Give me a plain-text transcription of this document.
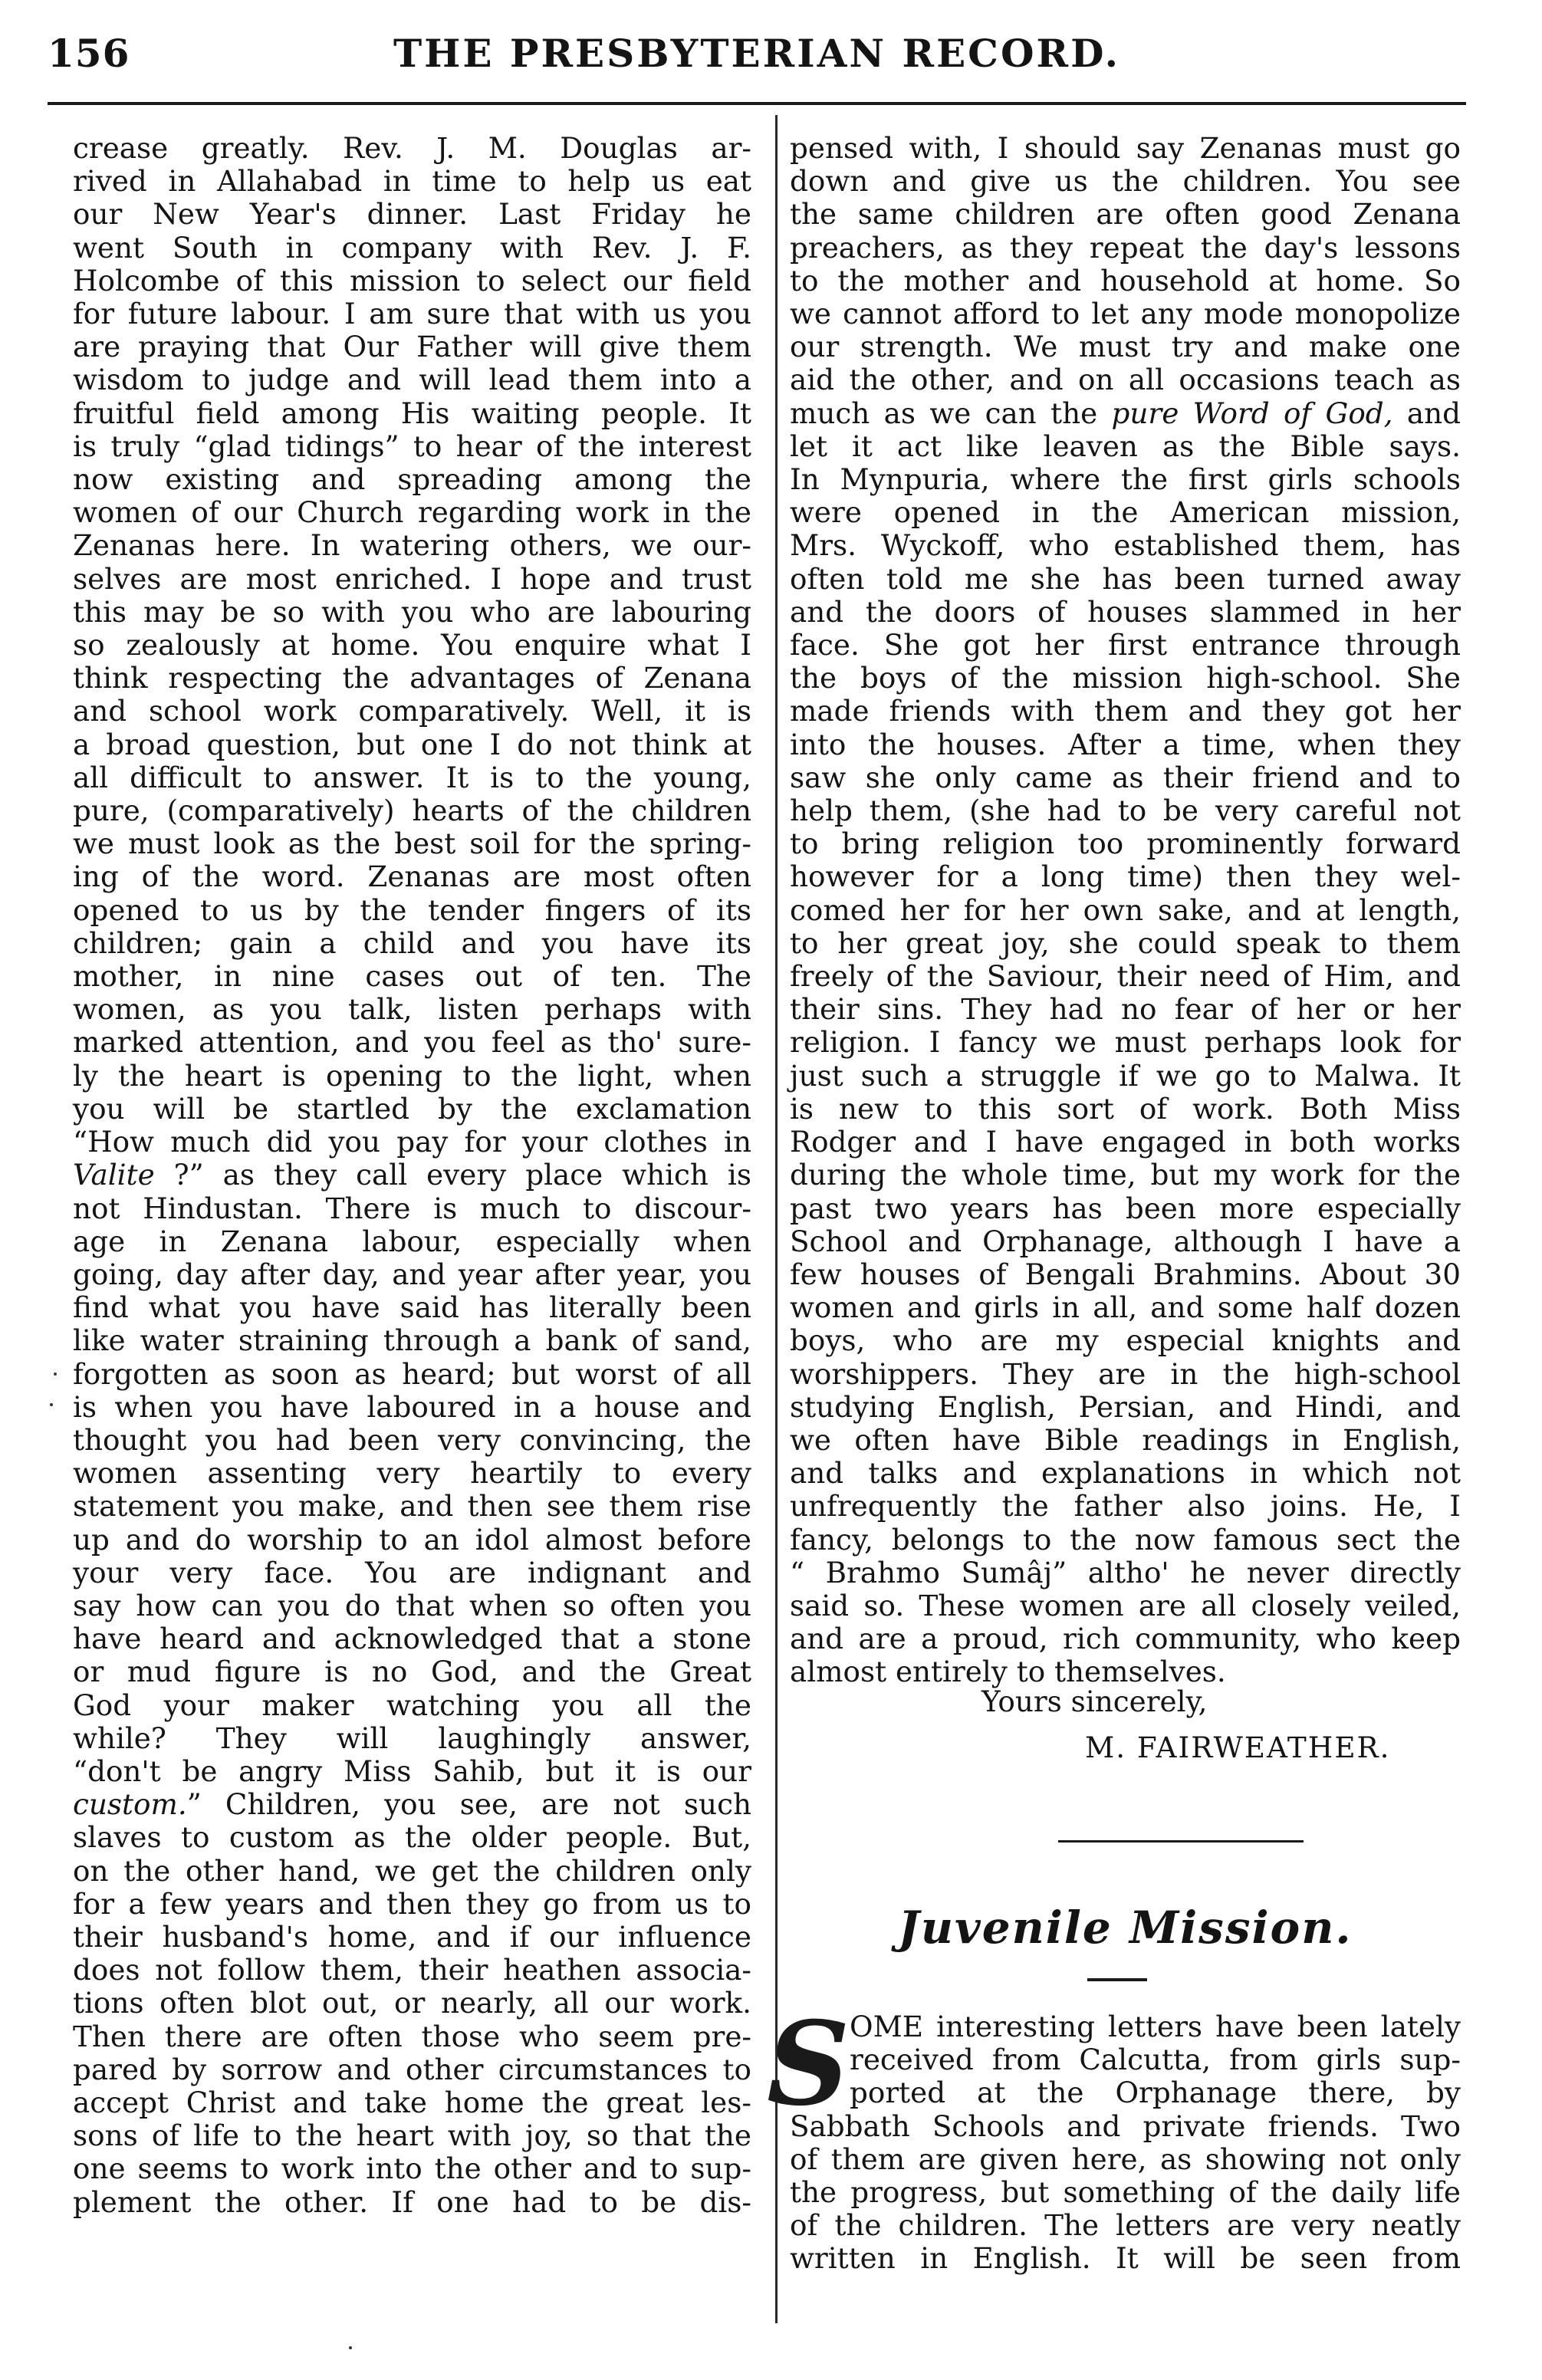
156	THE PRESBYTERIAN RECORD.
crease greatly. Rev. J. M. Douglas ar-
rived in Allahabad in time to help us eat
our New Year's dinner. Last Friday he
went South in company with Rev. J. F.
Holcombe of this mission to select our field
for future labour. I am sure that with us you
are praying that Our Father will give them
wisdom to judge and will lead them into a
fruitful field among His waiting people. It
is truly “glad tidings” to hear of the interest
now existing and spreading among the
women of our Church regarding work in the
Zenanas here. In watering others, we our-
selves are most enriched. I hope and trust
this may be so with you who are labouring
so zealously at home. You enquire what I
think respecting the advantages of Zenana
and school work comparatively. Well, it is
a broad question, but one I do not think at
all difficult to answer. It is to the young,
pure, (comparatively) hearts of the children
we must look as the best soil for the spring-
ing of the word. Zenanas are most often
opened to us by the tender fingers of its
children; gain a child and you have its
mother, in nine cases out of ten. The
women, as you talk, listen perhaps with
marked attention, and you feel as tho' sure-
ly the heart is opening to the light, when
you will be startled by the exclamation
“How much did you pay for your clothes in
Valite ?” as they call every place which is
not Hindustan. There is much to discour-
age in Zenana labour, especially when
going, day after day, and year after year, you
find what you have said has literally been
like water straining through a bank of sand,
forgotten as soon as heard; but worst of all
is when you have laboured in a house and
thought you had been very convincing, the
women assenting very heartily to every
statement you make, and then see them rise
up and do worship to an idol almost before
your very face. You are indignant and
say how can you do that when so often you
have heard and acknowledged that a stone
or mud figure is no God, and the Great
God your maker watching you all the
while? They will laughingly answer,
“don't be angry Miss Sahib, but it is our
custom.” Children, you see, are not such
slaves to custom as the older people. But,
on the other hand, we get the children only
for a few years and then they go from us to
their husband's home, and if our influence
does not follow them, their heathen associa-
tions often blot out, or nearly, all our work.
Then there are often those who seem pre-
pared by sorrow and other circumstances to
accept Christ and take home the great les-
sons of life to the heart with joy, so that the
one seems to work into the other and to sup-
plement the other. If one had to be dis-
pensed with, I should say Zenanas must go
down and give us the children. You see
the same children are often good Zenana
preachers, as they repeat the day's lessons
to the mother and household at home. So
we cannot afford to let any mode monopolize
our strength. We must try and make one
aid the other, and on all occasions teach as
much as we can the pure Word of God, and
let it act like leaven as the Bible says.
In Mynpuria, where the first girls schools
were opened in the American mission,
Mrs. Wyckoff, who established them, has
often told me she has been turned away
and the doors of houses slammed in her
face. She got her first entrance through
the boys of the mission high-school. She
made friends with them and they got her
into the houses. After a time, when they
saw she only came as their friend and to
help them, (she had to be very careful not
to bring religion too prominently forward
however for a long time) then they wel-
comed her for her own sake, and at length,
to her great joy, she could speak to them
freely of the Saviour, their need of Him, and
their sins. They had no fear of her or her
religion. I fancy we must perhaps look for
just such a struggle if we go to Malwa. It
is new to this sort of work. Both Miss
Rodger and I have engaged in both works
during the whole time, but my work for the
past two years has been more especially
School and Orphanage, although I have a
few houses of Bengali Brahmins. About 30
women and girls in all, and some half dozen
boys, who are my especial knights and
worshippers. They are in the high-school
studying English, Persian, and Hindi, and
we often have Bible readings in English,
and talks and explanations in which not
unfrequently the father also joins. He, I
fancy, belongs to the now famous sect the
“ Brahmo Sumâj” altho' he never directly
said so. These women are all closely veiled,
and are a proud, rich community, who keep
almost entirely to themselves.
Yours sincerely,
M. FAIRWEATHER.
Juvenile Mission.
S OME interesting letters have been lately
received from Calcutta, from girls sup-
ported at the Orphanage there, by
Sabbath Schools and private friends. Two
of them are given here, as showing not only
the progress, but something of the daily life
of the children. The letters are very neatly
written in English. It will be seen from
